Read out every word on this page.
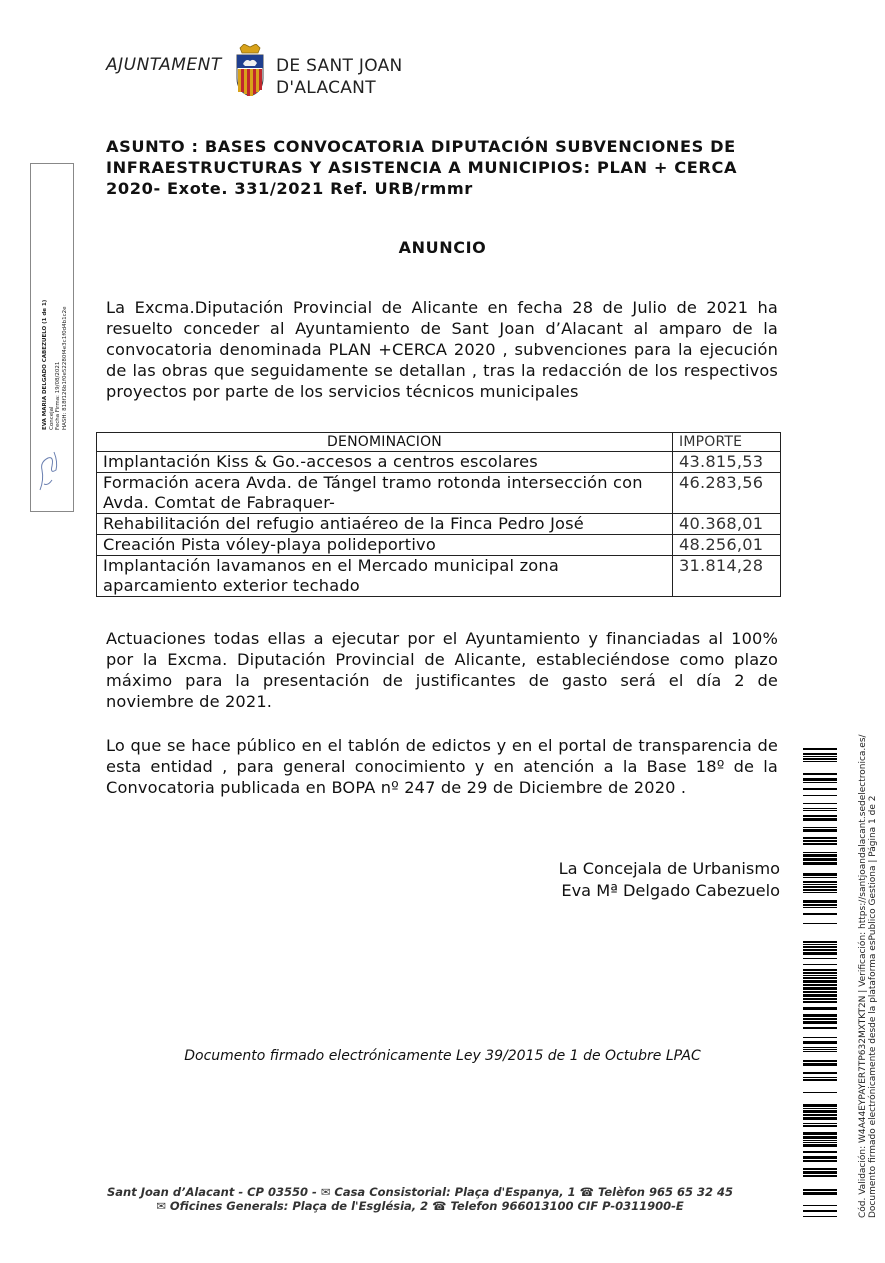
AJUNTAMENT	DE SANT JOAN
D'ALACANT
ASUNTO : BASES CONVOCATORIA DIPUTACIÓN SUBVENCIONES DE INFRAESTRUCTURAS Y ASISTENCIA A MUNICIPIOS: PLAN + CERCA 2020- Exote. 331/2021 Ref. URB/rmmr
ANUNCIO
La Excma.Diputación Provincial de Alicante en fecha 28 de Julio de 2021 ha resuelto conceder al Ayuntamiento de Sant Joan d’Alacant al amparo de la convocatoria denominada PLAN +CERCA 2020 , subvenciones para la ejecución de las obras que seguidamente se detallan , tras la redacción de los respectivos proyectos por parte de los servicios técnicos municipales
DENOMINACION	IMPORTE
Implantación Kiss & Go.-accesos a centros escolares	43.815,53
Formación acera Avda. de Tángel tramo rotonda intersección con Avda. Comtat de Fabraquer-	46.283,56
Rehabilitación del refugio antiaéreo de la Finca Pedro José	40.368,01
Creación Pista vóley-playa polideportivo	48.256,01
Implantación lavamanos en el Mercado municipal zona aparcamiento exterior techado	31.814,28
Actuaciones todas ellas a ejecutar por el Ayuntamiento y financiadas al 100% por la Excma. Diputación Provincial de Alicante, estableciéndose como plazo máximo para la presentación de justificantes de gasto será el día 2 de noviembre de 2021.
Lo que se hace público en el tablón de edictos y en el portal de transparencia de esta entidad , para general conocimiento y en atención a la Base 18º de la Convocatoria publicada en BOPA nº 247 de 29 de Diciembre de 2020 .
La Concejala de Urbanismo
Eva Mª Delgado Cabezuelo
Documento firmado electrónicamente Ley 39/2015 de 1 de Octubre LPAC
Sant Joan d’Alacant - CP 03550 - ✉ Casa Consistorial: Plaça d'Espanya, 1 ☎ Telèfon 965 65 32 45
✉ Oficines Generals: Plaça de l'Església, 2 ☎ Telefon 966013100 CIF P-0311900-E
EVA MARIA DELGADO CABEZUELO (1 de 1) Concejal Fecha Firma: 19/08/2021 HASH: 818f126b1f0e52280f4e3c1f0d4b1c2e
Cód. Validación: W4A44EYPAYER7TP632MXTKT2N | Verificación: https://santjoandalacant.sedelectronica.es/ Documento firmado electrónicamente desde la plataforma esPublico Gestiona | Página 1 de 2
